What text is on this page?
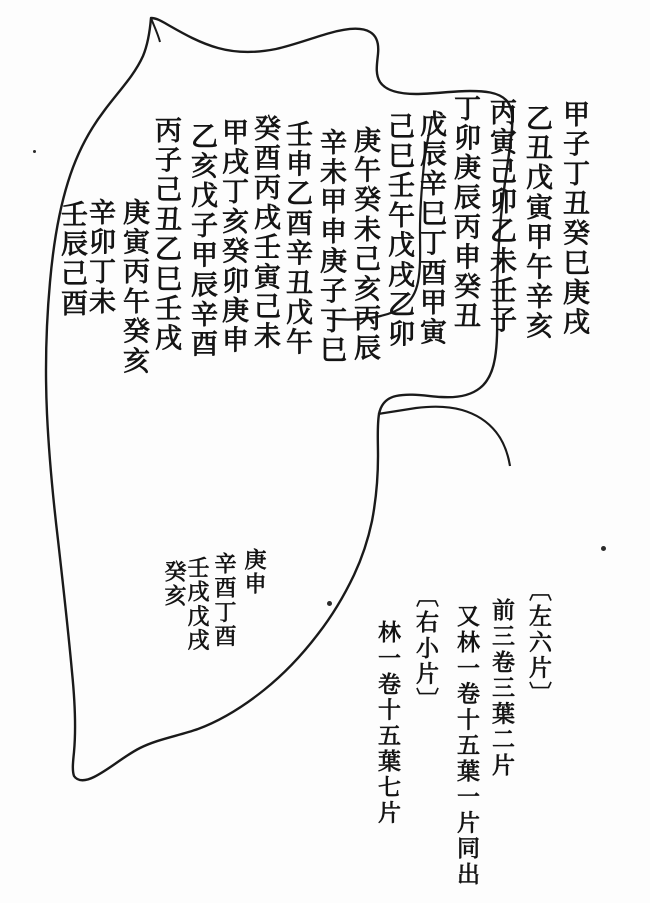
甲子丁丑癸巳庚戌
乙丑戊寅甲午辛亥
丙寅己卯乙未壬子
丁卯庚辰丙申癸丑
戊辰辛巳丁酉甲寅
己巳壬午戊戌乙卯
庚午癸未己亥丙辰
辛未甲申庚子丁巳
壬申乙酉辛丑戊午
癸酉丙戌壬寅己未
甲戌丁亥癸卯庚申
乙亥戊子甲辰辛酉
丙子己丑乙巳壬戌
庚寅丙午癸亥
辛卯丁未
壬辰己酉
庚申
辛酉丁酉
壬戌戊戌
癸亥	〔左六片〕
前三卷三葉二片
又林一卷十五葉一片同出
〔右小片〕
林一卷十五葉七片
